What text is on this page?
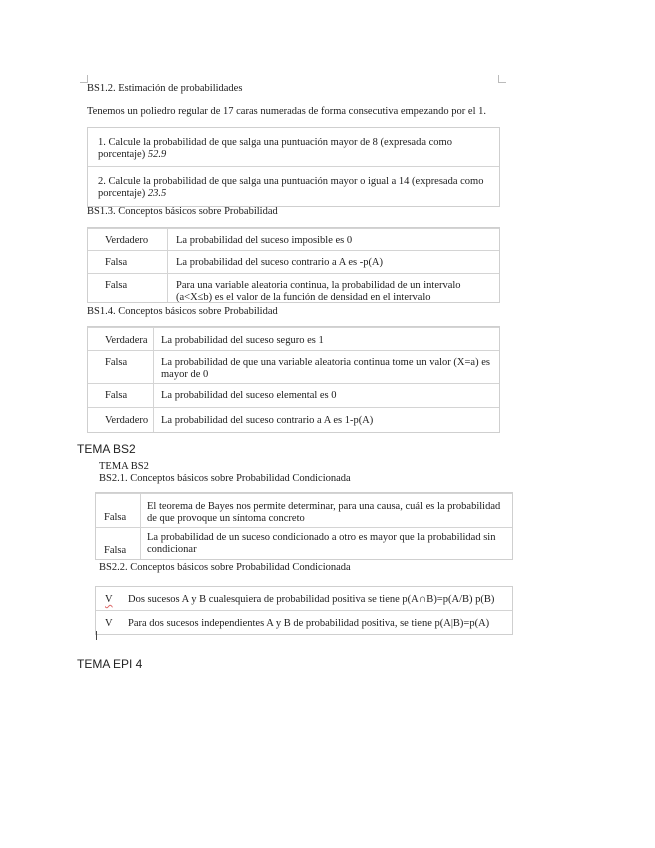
BS1.2. Estimación de probabilidades
Tenemos un poliedro regular de 17 caras numeradas de forma consecutiva empezando por el 1.
1. Calcule la probabilidad de que salga una puntuación mayor de 8 (expresada como porcentaje) 52.9
2. Calcule la probabilidad de que salga una puntuación mayor o igual a 14 (expresada como porcentaje) 23.5
BS1.3. Conceptos básicos sobre Probabilidad
Verdadero	La probabilidad del suceso imposible es 0
Falsa	La probabilidad del suceso contrario a A es -p(A)
Falsa	Para una variable aleatoria continua, la probabilidad de un intervalo (a<X≤b) es el valor de la función de densidad en el intervalo
BS1.4. Conceptos básicos sobre Probabilidad
Verdadera La probabilidad del suceso seguro es 1
Falsa	La probabilidad de que una variable aleatoria continua tome un valor (X=a) es mayor de 0
Falsa	La probabilidad del suceso elemental es 0
Verdadero La probabilidad del suceso contrario a A es 1-p(A)
TEMA BS2
TEMA BS2
BS2.1. Conceptos básicos sobre Probabilidad Condicionada
Falsa
El teorema de Bayes nos permite determinar, para una causa, cuál es la probabilidad de que provoque un síntoma concreto
Falsa
La probabilidad de un suceso condicionado a otro es mayor que la probabilidad sin condicionar
BS2.2. Conceptos básicos sobre Probabilidad Condicionada
V Dos sucesos A y B cualesquiera de probabilidad positiva se tiene p(A∩B)=p(A/B) p(B)
V Para dos sucesos independientes A y B de probabilidad positiva, se tiene p(A|B)=p(A)
TEMA EPI 4
